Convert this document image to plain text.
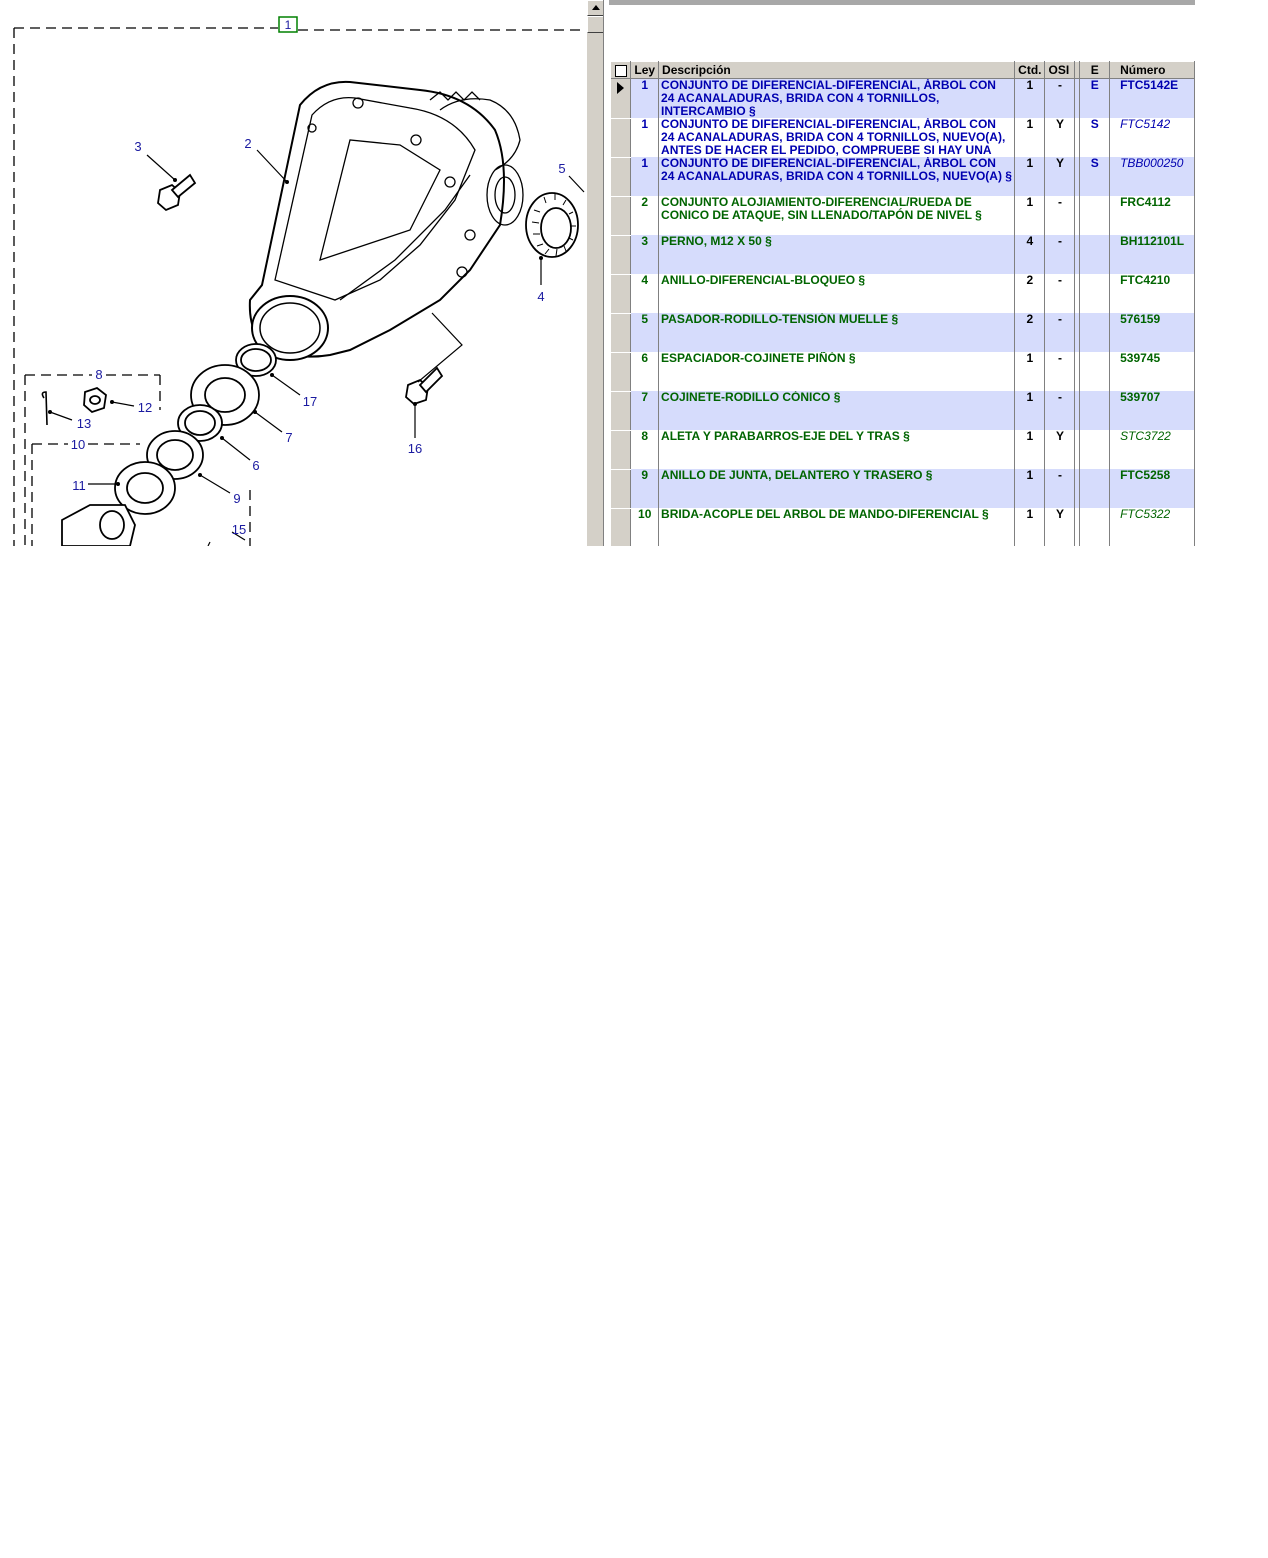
1
3	2
5
4
17
7
6
9
16
8
12
13
10
11
15
	Ley	Descripción	Ctd.	OSI		E	Número

	1	CONJUNTO DE DIFERENCIAL-DIFERENCIAL, ÁRBOL CON 24 ACANALADURAS, BRIDA CON 4 TORNILLOS, INTERCAMBIO §	1	-		E	FTC5142E
	1	CONJUNTO DE DIFERENCIAL-DIFERENCIAL, ÁRBOL CON 24 ACANALADURAS, BRIDA CON 4 TORNILLOS, NUEVO(A), ANTES DE HACER EL PEDIDO, COMPRUEBE SI HAY UNA	1	Y		S	FTC5142
	1	CONJUNTO DE DIFERENCIAL-DIFERENCIAL, ÁRBOL CON 24 ACANALADURAS, BRIDA CON 4 TORNILLOS, NUEVO(A) §	1	Y		S	TBB000250
	2	CONJUNTO ALOJIAMIENTO-DIFERENCIAL/RUEDA DE CONICO DE ATAQUE, SIN LLENADO/TAPÓN DE NIVEL §	1	-			FRC4112
	3	PERNO, M12 X 50 §	4	-			BH112101L
	4	ANILLO-DIFERENCIAL-BLOQUEO §	2	-			FTC4210
	5	PASADOR-RODILLO-TENSIÓN MUELLE §	2	-			576159
	6	ESPACIADOR-COJINETE PIÑÓN §	1	-			539745
	7	COJINETE-RODILLO CÓNICO §	1	-			539707
	8	ALETA Y PARABARROS-EJE DEL Y TRAS §	1	Y			STC3722
	9	ANILLO DE JUNTA, DELANTERO Y TRASERO §	1	-			FTC5258
	10	BRIDA-ACOPLE DEL ARBOL DE MANDO-DIFERENCIAL §	1	Y			FTC5322
